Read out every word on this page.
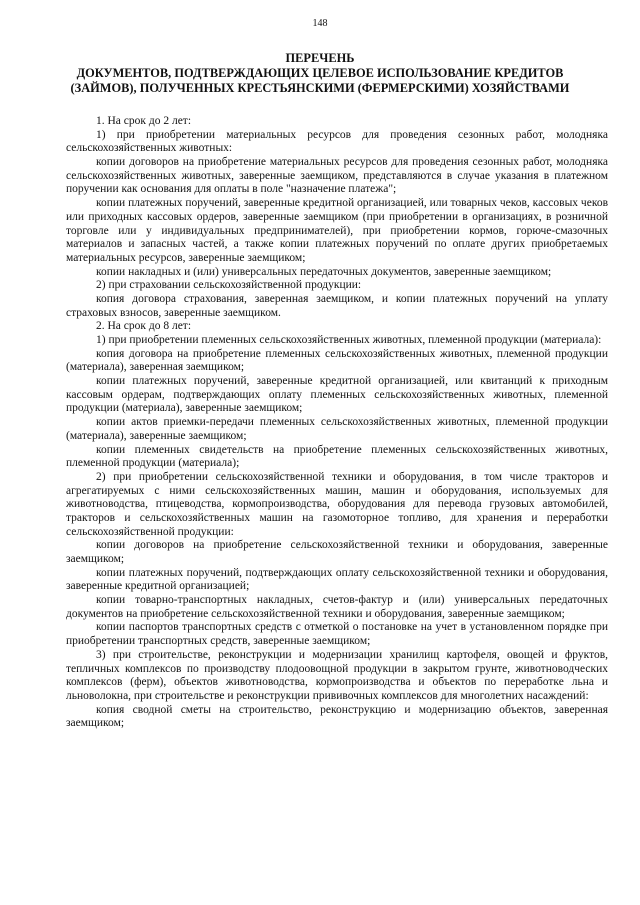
148
ПЕРЕЧЕНЬ
ДОКУМЕНТОВ, ПОДТВЕРЖДАЮЩИХ ЦЕЛЕВОЕ ИСПОЛЬЗОВАНИЕ КРЕДИТОВ
(ЗАЙМОВ), ПОЛУЧЕННЫХ КРЕСТЬЯНСКИМИ (ФЕРМЕРСКИМИ) ХОЗЯЙСТВАМИ

1. На срок до 2 лет:

1) при приобретении материальных ресурсов для проведения сезонных работ, молодняка сельскохозяйственных животных:

копии договоров на приобретение материальных ресурсов для проведения сезонных работ, молодняка сельскохозяйственных животных, заверенные заемщиком, представляются в случае указания в платежном поручении как основания для оплаты в поле "назначение платежа";

копии платежных поручений, заверенные кредитной организацией, или товарных чеков, кассовых чеков или приходных кассовых ордеров, заверенные заемщиком (при приобретении в организациях, в розничной торговле или у индивидуальных предпринимателей), при приобретении кормов, горюче-смазочных материалов и запасных частей, а также копии платежных поручений по оплате других приобретаемых материальных ресурсов, заверенные заемщиком;

копии накладных и (или) универсальных передаточных документов, заверенные заемщиком;

2) при страховании сельскохозяйственной продукции:

копия договора страхования, заверенная заемщиком, и копии платежных поручений на уплату страховых взносов, заверенные заемщиком.

2. На срок до 8 лет:

1) при приобретении племенных сельскохозяйственных животных, племенной продукции (материала):

копия договора на приобретение племенных сельскохозяйственных животных, племенной продукции (материала), заверенная заемщиком;

копии платежных поручений, заверенные кредитной организацией, или квитанций к приходным кассовым ордерам, подтверждающих оплату племенных сельскохозяйственных животных, племенной продукции (материала), заверенные заемщиком;

копии актов приемки-передачи племенных сельскохозяйственных животных, племенной продукции (материала), заверенные заемщиком;

копии племенных свидетельств на приобретение племенных сельскохозяйственных животных, племенной продукции (материала);

2) при приобретении сельскохозяйственной техники и оборудования, в том числе тракторов и агрегатируемых с ними сельскохозяйственных машин, машин и оборудования, используемых для животноводства, птицеводства, кормопроизводства, оборудования для перевода грузовых автомобилей, тракторов и сельскохозяйственных машин на газомоторное топливо, для хранения и переработки сельскохозяйственной продукции:

копии договоров на приобретение сельскохозяйственной техники и оборудования, заверенные заемщиком;

копии платежных поручений, подтверждающих оплату сельскохозяйственной техники и оборудования, заверенные кредитной организацией;

копии товарно-транспортных накладных, счетов-фактур и (или) универсальных передаточных документов на приобретение сельскохозяйственной техники и оборудования, заверенные заемщиком;

копии паспортов транспортных средств с отметкой о постановке на учет в установленном порядке при приобретении транспортных средств, заверенные заемщиком;

3) при строительстве, реконструкции и модернизации хранилищ картофеля, овощей и фруктов, тепличных комплексов по производству плодоовощной продукции в закрытом грунте, животноводческих комплексов (ферм), объектов животноводства, кормопроизводства и объектов по переработке льна и льноволокна, при строительстве и реконструкции прививочных комплексов для многолетних насаждений:

копия сводной сметы на строительство, реконструкцию и модернизацию объектов, заверенная заемщиком;
